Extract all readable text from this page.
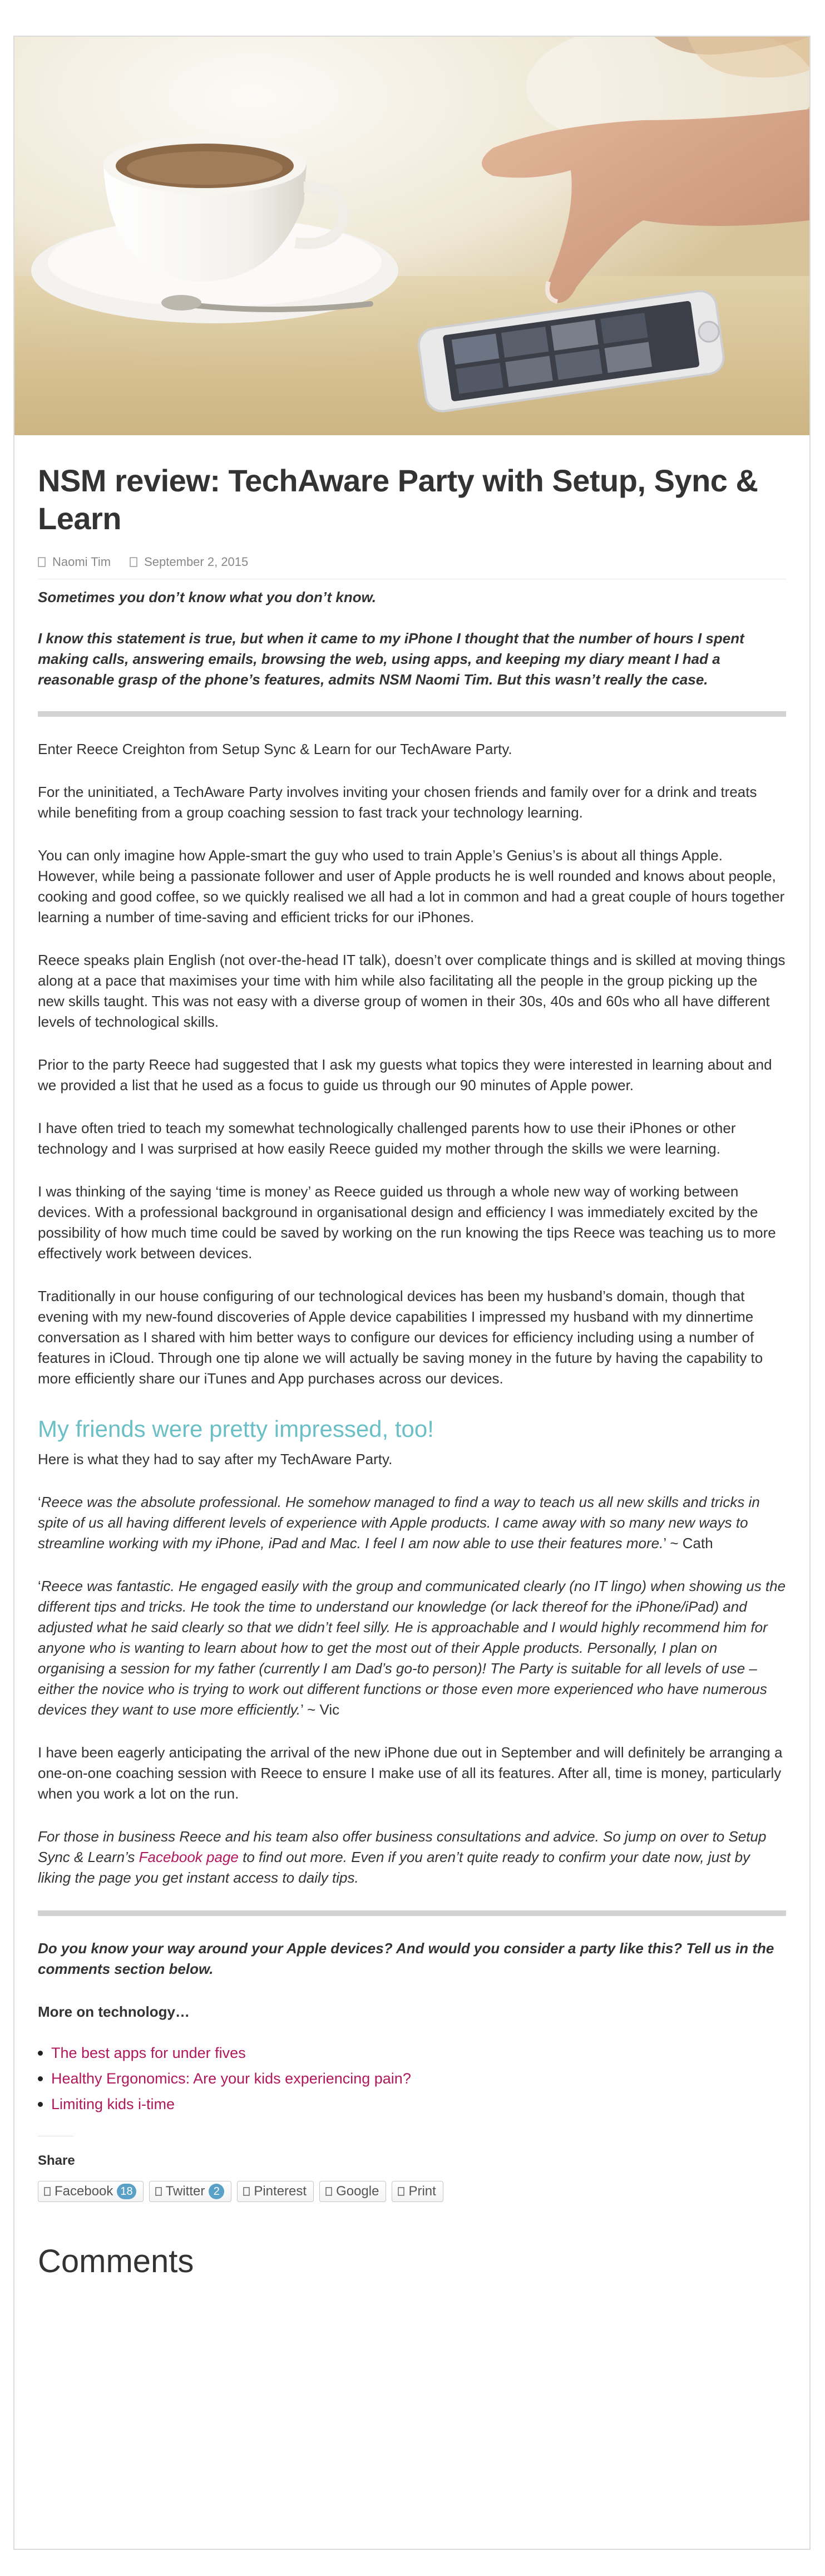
NSM review: TechAware Party with Setup, Sync & Learn
Naomi Tim	September 2, 2015

Sometimes you don’t know what you don’t know.

I know this statement is true, but when it came to my iPhone I thought that the number of hours I spent making calls, answering emails, browsing the web, using apps, and keeping my diary meant I had a reasonable grasp of the phone’s features, admits NSM Naomi Tim. But this wasn’t really the case.

Enter Reece Creighton from Setup Sync & Learn for our TechAware Party.

For the uninitiated, a TechAware Party involves inviting your chosen friends and family over for a drink and treats while benefiting from a group coaching session to fast track your technology learning.

You can only imagine how Apple-smart the guy who used to train Apple’s Genius’s is about all things Apple. However, while being a passionate follower and user of Apple products he is well rounded and knows about people, cooking and good coffee, so we quickly realised we all had a lot in common and had a great couple of hours together learning a number of time-saving and efficient tricks for our iPhones.

Reece speaks plain English (not over-the-head IT talk), doesn’t over complicate things and is skilled at moving things along at a pace that maximises your time with him while also facilitating all the people in the group picking up the new skills taught. This was not easy with a diverse group of women in their 30s, 40s and 60s who all have different levels of technological skills.

Prior to the party Reece had suggested that I ask my guests what topics they were interested in learning about and we provided a list that he used as a focus to guide us through our 90 minutes of Apple power.

I have often tried to teach my somewhat technologically challenged parents how to use their iPhones or other technology and I was surprised at how easily Reece guided my mother through the skills we were learning.

I was thinking of the saying ‘time is money’ as Reece guided us through a whole new way of working between devices. With a professional background in organisational design and efficiency I was immediately excited by the possibility of how much time could be saved by working on the run knowing the tips Reece was teaching us to more effectively work between devices.

Traditionally in our house configuring of our technological devices has been my husband’s domain, though that evening with my new-found discoveries of Apple device capabilities I impressed my husband with my dinnertime conversation as I shared with him better ways to configure our devices for efficiency including using a number of features in iCloud. Through one tip alone we will actually be saving money in the future by having the capability to more efficiently share our iTunes and App purchases across our devices.

My friends were pretty impressed, too!

Here is what they had to say after my TechAware Party.

‘Reece was the absolute professional. He somehow managed to find a way to teach us all new skills and tricks in spite of us all having different levels of experience with Apple products. I came away with so many new ways to streamline working with my iPhone, iPad and Mac. I feel I am now able to use their features more.’ ~ Cath

‘Reece was fantastic. He engaged easily with the group and communicated clearly (no IT lingo) when showing us the different tips and tricks. He took the time to understand our knowledge (or lack thereof for the iPhone/iPad) and adjusted what he said clearly so that we didn’t feel silly. He is approachable and I would highly recommend him for anyone who is wanting to learn about how to get the most out of their Apple products. Personally, I plan on organising a session for my father (currently I am Dad’s go-to person)! The Party is suitable for all levels of use – either the novice who is trying to work out different functions or those even more experienced who have numerous devices they want to use more efficiently.’ ~ Vic

I have been eagerly anticipating the arrival of the new iPhone due out in September and will definitely be arranging a one-on-one coaching session with Reece to ensure I make use of all its features. After all, time is money, particularly when you work a lot on the run.

For those in business Reece and his team also offer business consultations and advice. So jump on over to Setup Sync & Learn’s Facebook page to find out more. Even if you aren’t quite ready to confirm your date now, just by liking the page you get instant access to daily tips.

Do you know your way around your Apple devices? And would you consider a party like this? Tell us in the comments section below.

More on technology…

The best apps for under fives
Healthy Ergonomics: Are your kids experiencing pain?
Limiting kids i-time
Share
Facebook 18 Twitter 2	Pinterest Google Print
Comments
